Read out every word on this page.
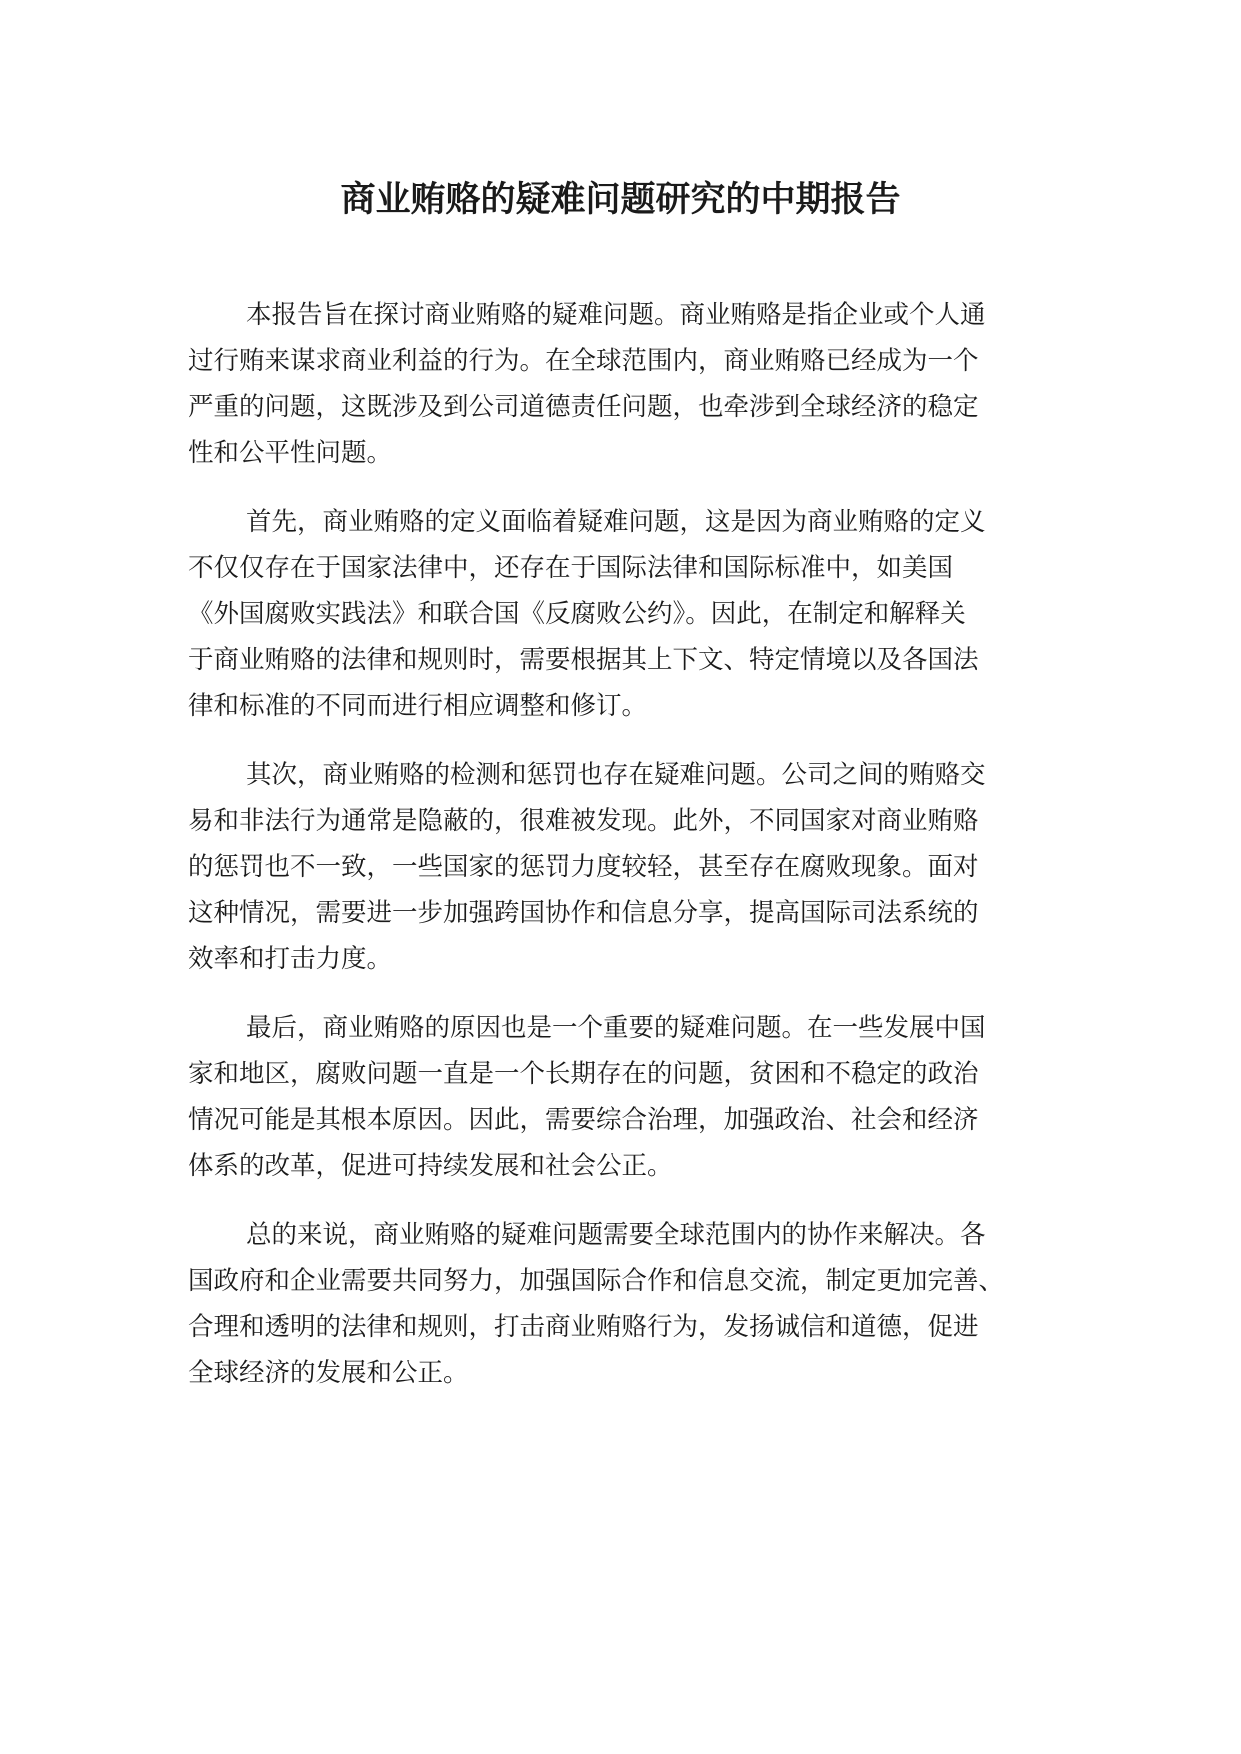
商业贿赂的疑难问题研究的中期报告

本报告旨在探讨商业贿赂的疑难问题。商业贿赂是指企业或个人通
过行贿来谋求商业利益的行为。在全球范围内，商业贿赂已经成为一个
严重的问题，这既涉及到公司道德责任问题，也牵涉到全球经济的稳定
性和公平性问题。

首先，商业贿赂的定义面临着疑难问题，这是因为商业贿赂的定义
不仅仅存在于国家法律中，还存在于国际法律和国际标准中，如美国
《外国腐败实践法》和联合国《反腐败公约》。因此，在制定和解释关
于商业贿赂的法律和规则时，需要根据其上下文、特定情境以及各国法
律和标准的不同而进行相应调整和修订。

其次，商业贿赂的检测和惩罚也存在疑难问题。公司之间的贿赂交
易和非法行为通常是隐蔽的，很难被发现。此外，不同国家对商业贿赂
的惩罚也不一致，一些国家的惩罚力度较轻，甚至存在腐败现象。面对
这种情况，需要进一步加强跨国协作和信息分享，提高国际司法系统的
效率和打击力度。

最后，商业贿赂的原因也是一个重要的疑难问题。在一些发展中国
家和地区，腐败问题一直是一个长期存在的问题，贫困和不稳定的政治
情况可能是其根本原因。因此，需要综合治理，加强政治、社会和经济
体系的改革，促进可持续发展和社会公正。

总的来说，商业贿赂的疑难问题需要全球范围内的协作来解决。各
国政府和企业需要共同努力，加强国际合作和信息交流，制定更加完善、
合理和透明的法律和规则，打击商业贿赂行为，发扬诚信和道德，促进
全球经济的发展和公正。
